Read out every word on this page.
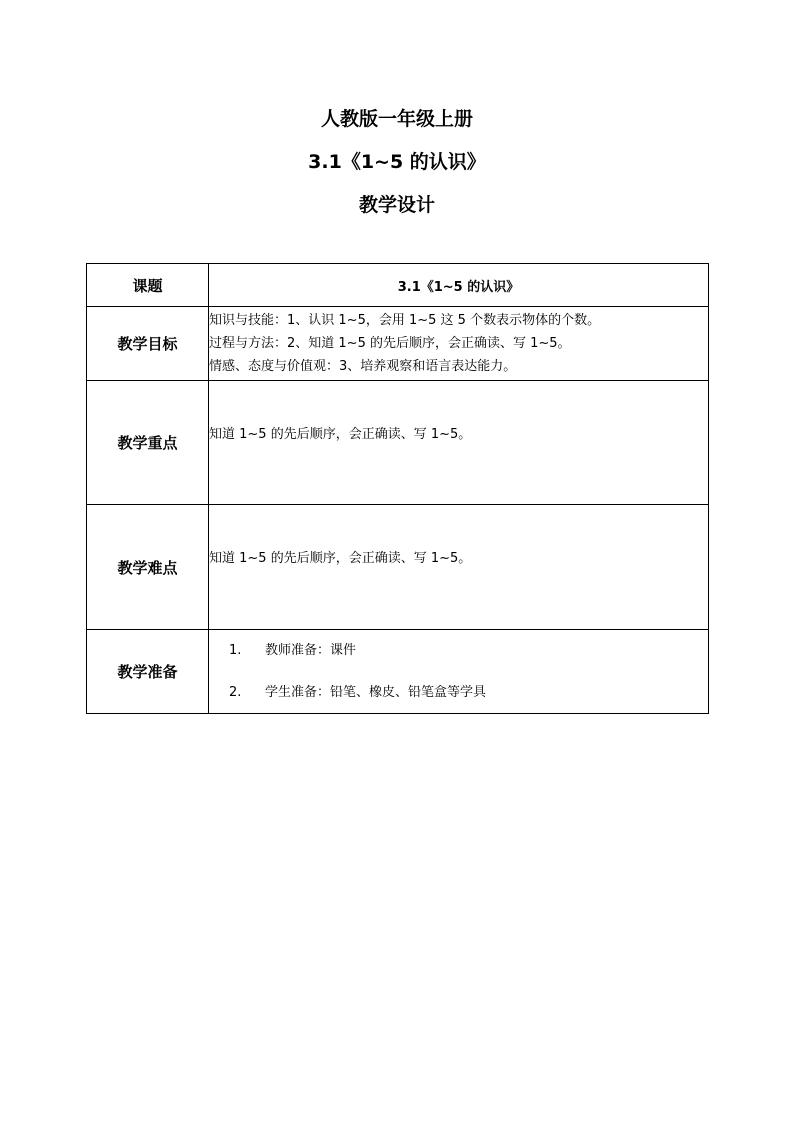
人教版一年级上册
3.1《1~5 的认识》
教学设计
课题	3.1《1~5 的认识》
教学目标	知识与技能：1、认识 1~5，会用 1~5 这 5 个数表示物体的个数。
过程与方法：2、知道 1~5 的先后顺序，会正确读、写 1~5。
情感、态度与价值观：3、培养观察和语言表达能力。

教学重点	知道 1~5 的先后顺序，会正确读、写 1~5。

教学难点	知道 1~5 的先后顺序，会正确读、写 1~5。

教学准备	1. 教师准备：课件
2. 学生准备：铅笔、橡皮、铅笔盒等学具
